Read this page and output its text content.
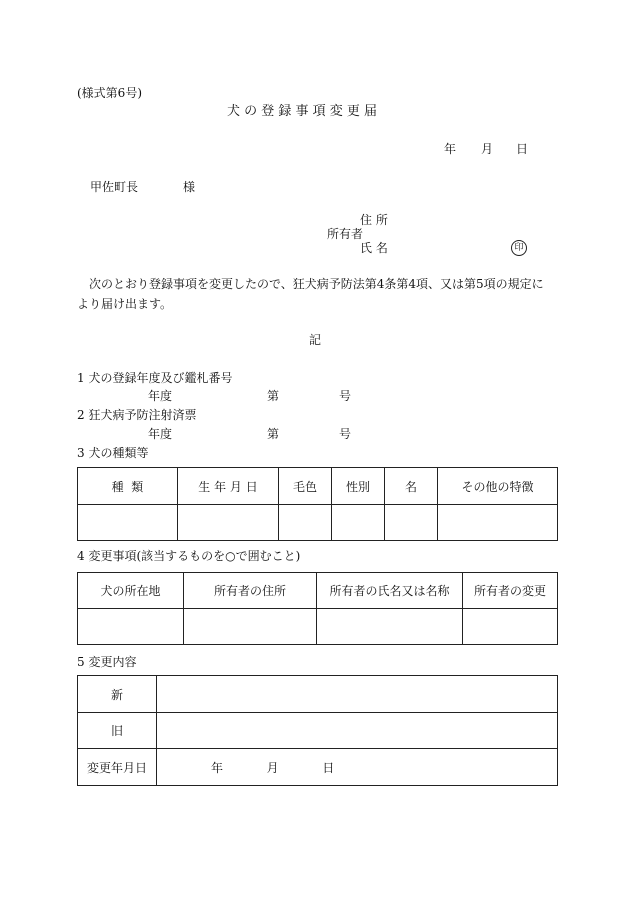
(様式第6号)
犬 の 登 録 事 項 変 更 届
年 月 日
甲佐町長	様
住 所
所有者
氏 名	印
次のとおり登録事項を変更したので、狂犬病予防法第4条第4項、又は第5項の規定により届け出ます。
記
1 犬の登録年度及び鑑札番号
年度	第	号
2 狂犬病予防注射済票
年度	第	号
3 犬の種類等
種  類	生 年 月 日	毛色	性別	名	その他の特徴

4 変更事項(該当するものを○で囲むこと)
犬の所在地	所有者の住所	所有者の氏名又は名称	所有者の変更

5 変更内容
新	
旧	
変更年月日	年 月 日
